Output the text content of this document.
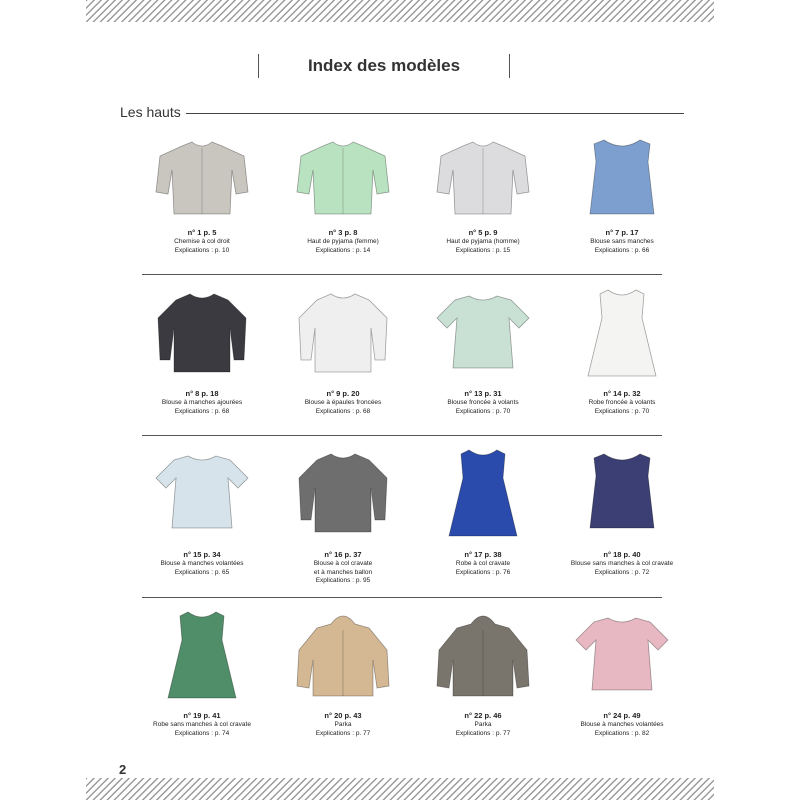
Index des modèles
Les hauts
n° 1 p. 5
Chemise à col droit
Explications : p. 10
n° 3 p. 8
Haut de pyjama (femme)
Explications : p. 14
n° 5 p. 9
Haut de pyjama (homme)
Explications : p. 15
n° 7 p. 17
Blouse sans manches
Explications : p. 66
n° 8 p. 18
Blouse à manches ajourées
Explications : p. 68
n° 9 p. 20
Blouse à épaules froncées
Explications : p. 68
n° 13 p. 31
Blouse froncée à volants
Explications : p. 70
n° 14 p. 32
Robe froncée à volants
Explications : p. 70
n° 15 p. 34
Blouse à manches volantées
Explications : p. 65
n° 16 p. 37
Blouse à col cravate
et à manches ballon
Explications : p. 95
n° 17 p. 38
Robe à col cravate
Explications : p. 76
n° 18 p. 40
Blouse sans manches à col cravate
Explications : p. 72
n° 19 p. 41
Robe sans manches à col cravate
Explications : p. 74
n° 20 p. 43
Parka
Explications : p. 77
n° 22 p. 46
Parka
Explications : p. 77
n° 24 p. 49
Blouse à manches volantées
Explications : p. 82
2
